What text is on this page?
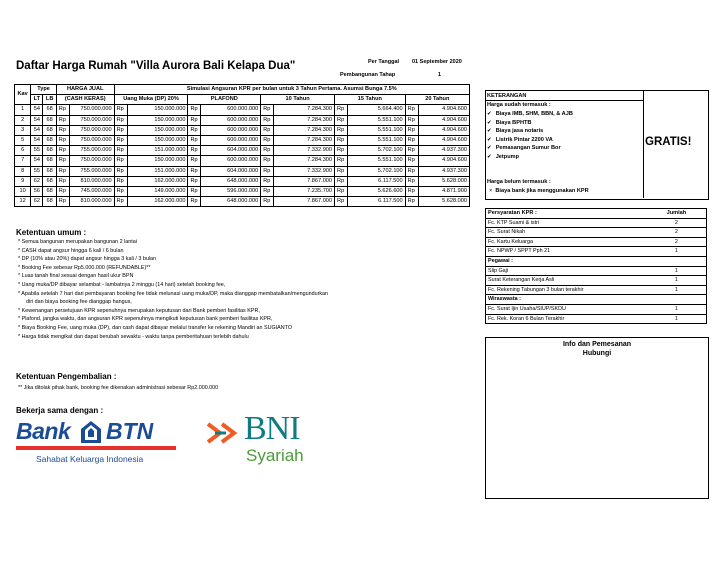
Daftar Harga Rumah "Villa Aurora Bali Kelapa Dua"	Per Tanggal 01 September 2020
Pembangunan Tahap	1
Kav	Type		HARGA JUAL		Simulasi Angsuran KPR per bulan untuk 3 Tahun Pertama. Asumsi Bunga 7.5%									
	LT	LB	(CASH KERAS)		Uang Muka (DP) 20%		PLAFOND		10 Tahun		15 Tahun		20 Tahun	
1	54	68	Rp	750.000.000	Rp	150.000.000	Rp	600.000.000	Rp	7.284.300	Rp	5.664.400	Rp	4.904.600
2	54	68	Rp	750.000.000	Rp	150.000.000	Rp	600.000.000	Rp	7.284.300	Rp	5.551.100	Rp	4.904.600
3	54	68	Rp	750.000.000	Rp	150.000.000	Rp	600.000.000	Rp	7.284.300	Rp	5.551.100	Rp	4.904.600
5	54	68	Rp	750.000.000	Rp	150.000.000	Rp	600.000.000	Rp	7.284.300	Rp	5.551.100	Rp	4.904.600
6	55	68	Rp	755.000.000	Rp	151.000.000	Rp	604.000.000	Rp	7.332.900	Rp	5.702.100	Rp	4.937.300
7	54	68	Rp	750.000.000	Rp	150.000.000	Rp	600.000.000	Rp	7.284.300	Rp	5.551.100	Rp	4.904.600
8	55	68	Rp	755.000.000	Rp	151.000.000	Rp	604.000.000	Rp	7.332.900	Rp	5.702.100	Rp	4.937.300
9	62	68	Rp	810.000.000	Rp	162.000.000	Rp	648.000.000	Rp	7.867.000	Rp	6.117.500	Rp	5.628.000
10	56	68	Rp	745.000.000	Rp	149.000.000	Rp	596.000.000	Rp	7.235.700	Rp	5.626.600	Rp	4.871.900
12	62	68	Rp	810.000.000	Rp	162.000.000	Rp	648.000.000	Rp	7.867.000	Rp	6.117.500	Rp	5.628.000
Ketentuan umum :
* Semua bangunan merupakan bangunan 2 lantai
* CASH dapat angsur hingga 6 kali / 6 bulan
* DP (10% atau 20%) dapat angsur hingga 3 kali / 3 bulan
* Booking Fee sebesar Rp5.000.000 (REFUNDABLE)**
* Luas tanah final sesuai dengan hasil ukur BPN
* Uang muka/DP dibayar selambat - lambatnya 2 minggu (14 hari) setelah booking fee,
* Apabila setelah 7 hari dari pembayaran booking fee tidak melunasi uang muka/DP, maka dianggap membatalkan/mengundurkan
diri dan biaya booking fee dianggap hangus,
* Kewenangan persetujuan KPR sepenuhnya merupakan keputusan dari Bank pemberi fasilitas KPR,
* Plafond, jangka waktu, dan angsuran KPR sepenuhnya mengikuti keputusan bank pemberi fasilitas KPR,
* Biaya Booking Fee, uang muka (DP), dan cash dapat dibayar melalui transfer ke rekening Mandiri an SUGIANTO
* Harga tidak mengikat dan dapat berubah sewaktu - waktu tanpa pemberitahuan terlebih dahulu
Ketentuan Pengembalian :
** Jika ditolak pihak bank, booking fee dikenakan administrasi sebesar Rp2.000.000
Bekerja sama dengan :
Bank BTN
Sahabat Keluarga Indonesia
BNI
Syariah
KETERANGAN
Harga sudah termasuk :
✔ Biaya IMB, SHM, BBN, & AJB
✔ Biaya BPHTB
✔ Biaya jasa notaris
✔ Listrik Pintar 2200 VA
✔ Pemasangan Sumur Bor
✔ Jetpump
Harga belum termasuk :
× Biaya bank jika menggunakan KPR
GRATIS!
Persyaratan KPR :	Jumlah
Fc. KTP Suami & istri	2
Fc. Surat Nikah	2
Fc. Kartu Keluarga	2
Fc. NPWP / SPPT Pph 21	1
Pegawai :	
Slip Gaji	1
Surat Keterangan Kerja Asli	1
Fc. Rekening Tabungan 3 bulan terakhir	1
Wiraswasta :	
Fc. Surat Ijin Usaha/SIUP/SKDU	1
Fc. Rek. Koran 6 Bulan Terakhir	1
Info dan Pemesanan
Hubungi
